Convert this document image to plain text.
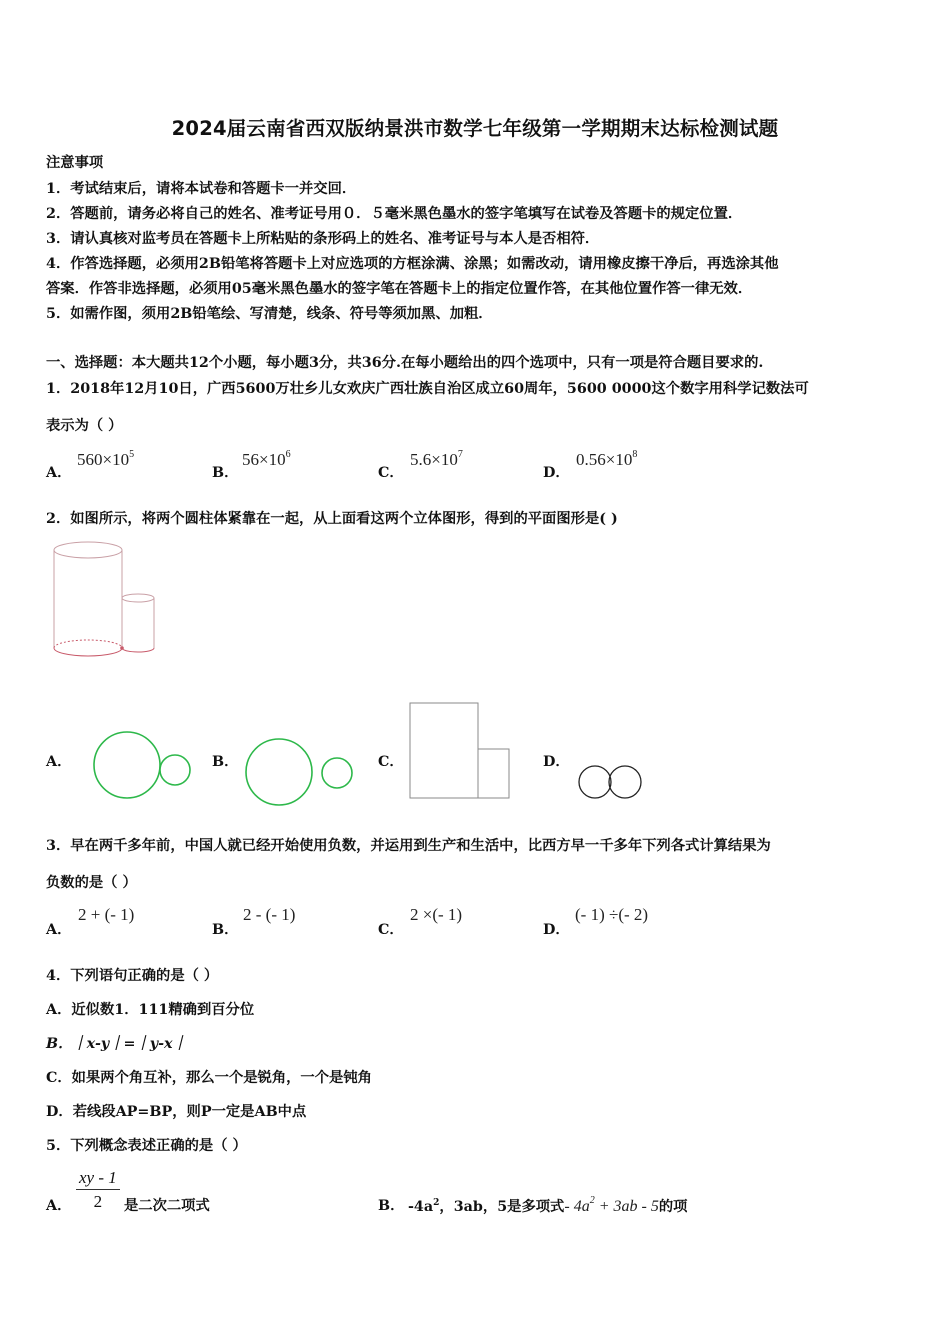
2024届云南省西双版纳景洪市数学七年级第一学期期末达标检测试题
注意事项
1．考试结束后，请将本试卷和答题卡一并交回．
2．答题前，请务必将自己的姓名、准考证号用０．５毫米黑色墨水的签字笔填写在试卷及答题卡的规定位置．
3．请认真核对监考员在答题卡上所粘贴的条形码上的姓名、准考证号与本人是否相符．
4．作答选择题，必须用2B铅笔将答题卡上对应选项的方框涂满、涂黑；如需改动，请用橡皮擦干净后，再选涂其他
答案．作答非选择题，必须用05毫米黑色墨水的签字笔在答题卡上的指定位置作答，在其他位置作答一律无效．
5．如需作图，须用2B铅笔绘、写清楚，线条、符号等须加黑、加粗．
一、选择题：本大题共12个小题，每小题3分，共36分.在每小题给出的四个选项中，只有一项是符合题目要求的.
1．2018年12月10日，广西5600万壮乡儿女欢庆广西壮族自治区成立60周年，5600 0000这个数字用科学记数法可
表示为（ ）
A．
$560\times 10^5$
B．
$56\times 10^6$
C．
$5.6\times 10^7$
D．
$0.56\times 10^8$
2．如图所示，将两个圆柱体紧靠在一起，从上面看这两个立体图形，得到的平面图形是( )
A．	B．	C．	D．
3．早在两千多年前，中国人就已经开始使用负数，并运用到生产和生活中，比西方早一千多年下列各式计算结果为
负数的是（ ）
A．
2 + (- 1)
B．
2 - (- 1)
C．
2 ×(- 1)
D．
(- 1) ÷(- 2)
4．下列语句正确的是（ ）
A．近似数1．111精确到百分位
B．｜x-y｜=｜y-x｜
C．如果两个角互补，那么一个是锐角，一个是钝角
D．若线段AP=BP，则P一定是AB中点
5．下列概念表述正确的是（ ）
A． $\frac{xy - 1}{2}$ 是二次二项式	B． $-4a^2$，3ab，5是多项式- $4a^2 + 3ab - 5$的项
